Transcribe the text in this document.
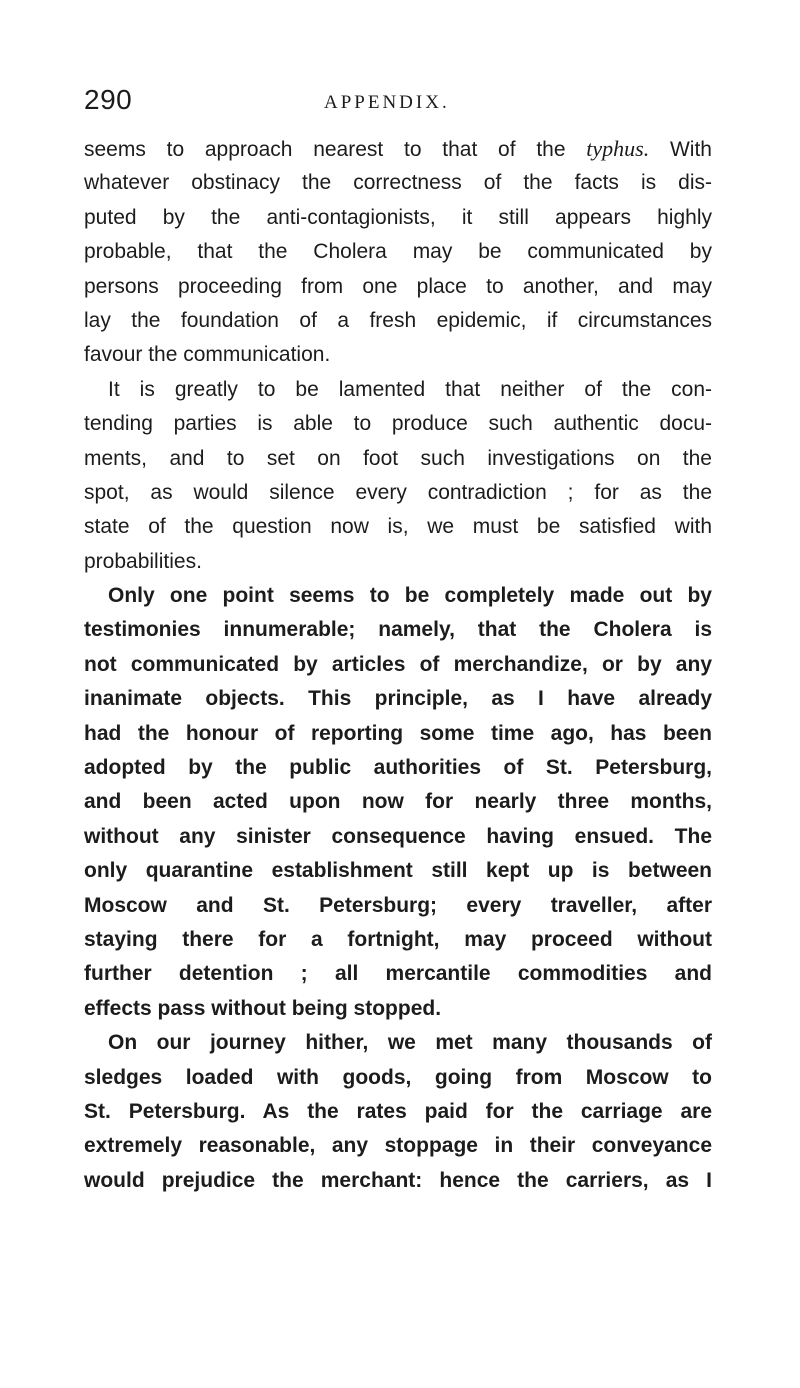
290	APPENDIX.
seems to approach nearest to that of the typhus. With
whatever obstinacy the correctness of the facts is dis-
puted by the anti-contagionists, it still appears highly
probable, that the Cholera may be communicated by
persons proceeding from one place to another, and may
lay the foundation of a fresh epidemic, if circumstances
favour the communication.
It is greatly to be lamented that neither of the con-
tending parties is able to produce such authentic docu-
ments, and to set on foot such investigations on the
spot, as would silence every contradiction ; for as the
state of the question now is, we must be satisfied with
probabilities.
Only one point seems to be completely made out by
testimonies innumerable; namely, that the Cholera is
not communicated by articles of merchandize, or by any
inanimate objects. This principle, as I have already
had the honour of reporting some time ago, has been
adopted by the public authorities of St. Petersburg,
and been acted upon now for nearly three months,
without any sinister consequence having ensued. The
only quarantine establishment still kept up is between
Moscow and St. Petersburg; every traveller, after
staying there for a fortnight, may proceed without
further detention ; all mercantile commodities and
effects pass without being stopped.
On our journey hither, we met many thousands of
sledges loaded with goods, going from Moscow to
St. Petersburg. As the rates paid for the carriage are
extremely reasonable, any stoppage in their conveyance
would prejudice the merchant: hence the carriers, as I
